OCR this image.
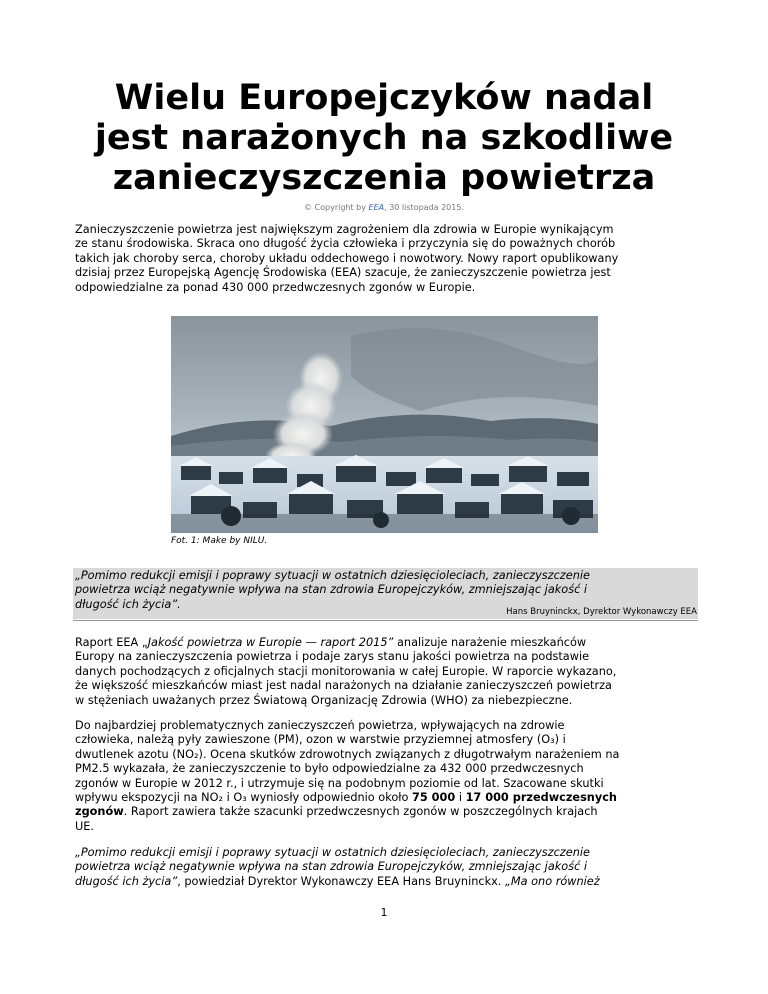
Wielu Europejczyków nadal
jest narażonych na szkodliwe
zanieczyszczenia powietrza
© Copyright by EEA, 30 listopada 2015.

Zanieczyszczenie powietrza jest największym zagrożeniem dla zdrowia w Europie wynikającym
ze stanu środowiska. Skraca ono długość życia człowieka i przyczynia się do poważnych chorób
takich jak choroby serca, choroby układu oddechowego i nowotwory. Nowy raport opublikowany
dzisiaj przez Europejską Agencję Środowiska (EEA) szacuje, że zanieczyszczenie powietrza jest
odpowiedzialne za ponad 430 000 przedwczesnych zgonów w Europie.

Fot. 1: Make by NILU.

„Pomimo redukcji emisji i poprawy sytuacji w ostatnich dziesięcioleciach, zanieczyszczenie
powietrza wciąż negatywnie wpływa na stan zdrowia Europejczyków, zmniejszając jakość i
długość ich życia”.

Hans Bruyninckx, Dyrektor Wykonawczy EEA

Raport EEA „Jakość powietrza w Europie — raport 2015” analizuje narażenie mieszkańców
Europy na zanieczyszczenia powietrza i podaje zarys stanu jakości powietrza na podstawie
danych pochodzących z oficjalnych stacji monitorowania w całej Europie. W raporcie wykazano,
że większość mieszkańców miast jest nadal narażonych na działanie zanieczyszczeń powietrza
w stężeniach uważanych przez Światową Organizację Zdrowia (WHO) za niebezpieczne.

Do najbardziej problematycznych zanieczyszczeń powietrza, wpływających na zdrowie
człowieka, należą pyły zawieszone (PM), ozon w warstwie przyziemnej atmosfery (O₃) i
dwutlenek azotu (NO₂). Ocena skutków zdrowotnych związanych z długotrwałym narażeniem na
PM2.5 wykazała, że zanieczyszczenie to było odpowiedzialne za 432 000 przedwczesnych
zgonów w Europie w 2012 r., i utrzymuje się na podobnym poziomie od lat. Szacowane skutki
wpływu ekspozycji na NO₂ i O₃ wyniosły odpowiednio około 75 000 i 17 000 przedwczesnych
zgonów. Raport zawiera także szacunki przedwczesnych zgonów w poszczególnych krajach
UE.

„Pomimo redukcji emisji i poprawy sytuacji w ostatnich dziesięcioleciach, zanieczyszczenie
powietrza wciąż negatywnie wpływa na stan zdrowia Europejczyków, zmniejszając jakość i
długość ich życia”, powiedział Dyrektor Wykonawczy EEA Hans Bruyninckx. „Ma ono również

1
